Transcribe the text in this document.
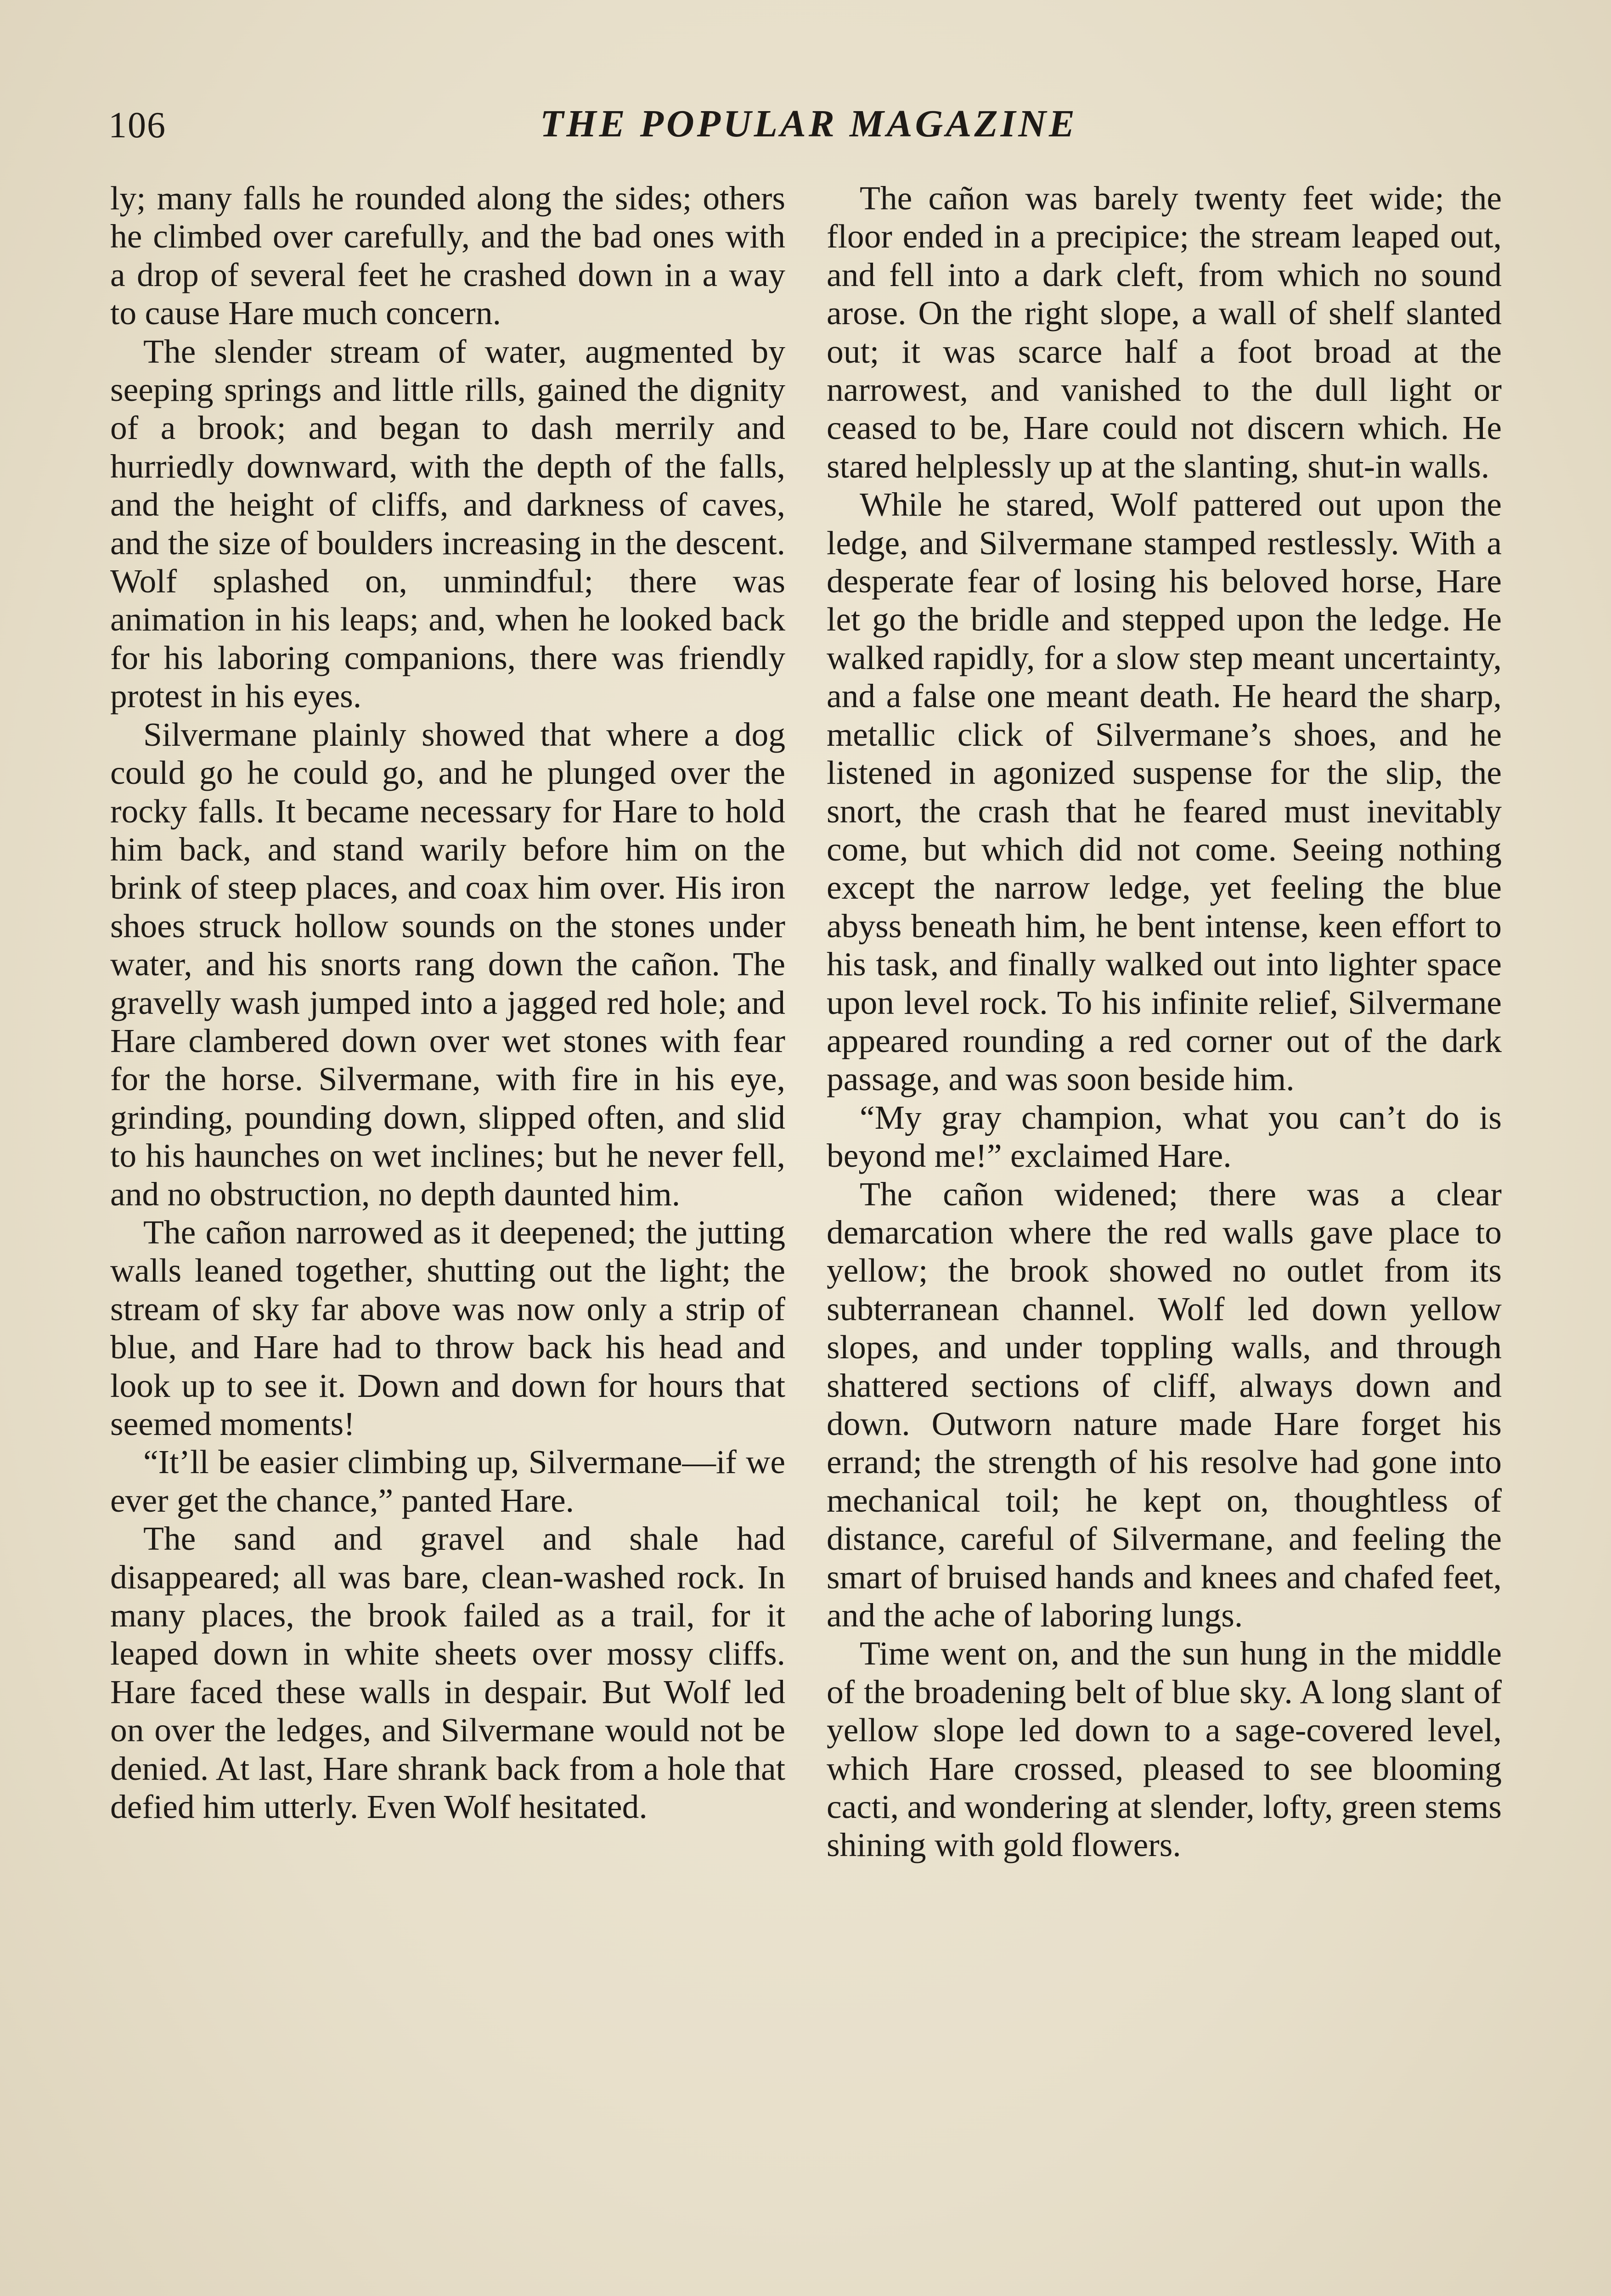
106	THE POPULAR MAGAZINE

ly; many falls he rounded along the sides; others he climbed over carefully, and the bad ones with a drop of several feet he crashed down in a way to cause Hare much concern.

The slender stream of water, augmented by seeping springs and little rills, gained the dignity of a brook; and began to dash merrily and hurriedly downward, with the depth of the falls, and the height of cliffs, and darkness of caves, and the size of boulders increasing in the descent. Wolf splashed on, unmindful; there was animation in his leaps; and, when he looked back for his laboring companions, there was friendly protest in his eyes.

Silvermane plainly showed that where a dog could go he could go, and he plunged over the rocky falls. It became necessary for Hare to hold him back, and stand warily before him on the brink of steep places, and coax him over. His iron shoes struck hollow sounds on the stones under water, and his snorts rang down the cañon. The gravelly wash jumped into a jagged red hole; and Hare clambered down over wet stones with fear for the horse. Silvermane, with fire in his eye, grinding, pounding down, slipped often, and slid to his haunches on wet inclines; but he never fell, and no obstruction, no depth daunted him.

The cañon narrowed as it deepened; the jutting walls leaned together, shutting out the light; the stream of sky far above was now only a strip of blue, and Hare had to throw back his head and look up to see it. Down and down for hours that seemed moments!

“It’ll be easier climbing up, Silvermane—if we ever get the chance,” panted Hare.

The sand and gravel and shale had disappeared; all was bare, clean-washed rock. In many places, the brook failed as a trail, for it leaped down in white sheets over mossy cliffs. Hare faced these walls in despair. But Wolf led on over the ledges, and Silvermane would not be denied. At last, Hare shrank back from a hole that defied him utterly. Even Wolf hesitated.

The cañon was barely twenty feet wide; the floor ended in a precipice; the stream leaped out, and fell into a dark cleft, from which no sound arose. On the right slope, a wall of shelf slanted out; it was scarce half a foot broad at the narrowest, and vanished to the dull light or ceased to be, Hare could not discern which. He stared helplessly up at the slanting, shut-in walls.

While he stared, Wolf pattered out upon the ledge, and Silvermane stamped restlessly. With a desperate fear of losing his beloved horse, Hare let go the bridle and stepped upon the ledge. He walked rapidly, for a slow step meant uncertainty, and a false one meant death. He heard the sharp, metallic click of Silvermane’s shoes, and he listened in agonized suspense for the slip, the snort, the crash that he feared must inevitably come, but which did not come. Seeing nothing except the narrow ledge, yet feeling the blue abyss beneath him, he bent intense, keen effort to his task, and finally walked out into lighter space upon level rock. To his infinite relief, Silvermane appeared rounding a red corner out of the dark passage, and was soon beside him.

“My gray champion, what you can’t do is beyond me!” exclaimed Hare.

The cañon widened; there was a clear demarcation where the red walls gave place to yellow; the brook showed no outlet from its subterranean channel. Wolf led down yellow slopes, and under toppling walls, and through shattered sections of cliff, always down and down. Outworn nature made Hare forget his errand; the strength of his resolve had gone into mechanical toil; he kept on, thoughtless of distance, careful of Silvermane, and feeling the smart of bruised hands and knees and chafed feet, and the ache of laboring lungs.

Time went on, and the sun hung in the middle of the broadening belt of blue sky. A long slant of yellow slope led down to a sage-covered level, which Hare crossed, pleased to see blooming cacti, and wondering at slender, lofty, green stems shining with gold flowers.
